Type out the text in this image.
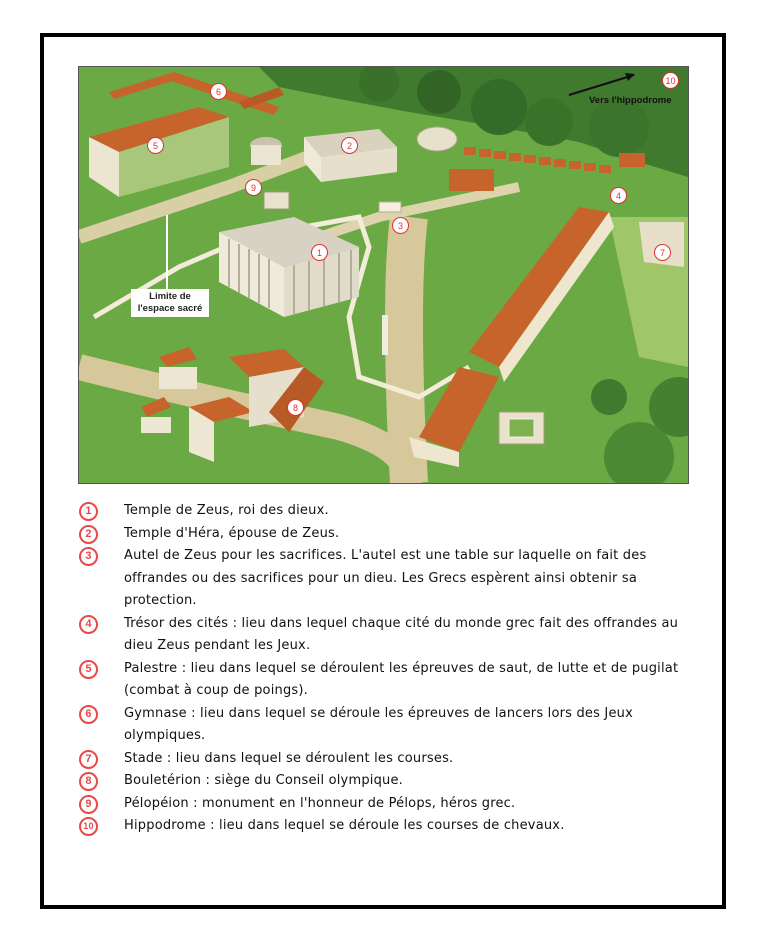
1
2
3
4
5
6
7
8
9
10
Limite de
l'espace sacré
Vers l'hippodrome
1	Temple de Zeus, roi des dieux.
2	Temple d'Héra, épouse de Zeus.
3	Autel de Zeus pour les sacrifices. L'autel est une table sur laquelle on fait des offrandes ou des sacrifices pour un dieu. Les Grecs espèrent ainsi obtenir sa protection.
4	Trésor des cités : lieu dans lequel chaque cité du monde grec fait des offrandes au dieu Zeus pendant les Jeux.
5	Palestre : lieu dans lequel se déroulent les épreuves de saut, de lutte et de pugilat (combat à coup de poings).
6	Gymnase : lieu dans lequel se déroule les épreuves de lancers lors des Jeux olympiques.
7	Stade : lieu dans lequel se déroulent les courses.
8	Bouletérion : siège du Conseil olympique.
9	Pélopéion : monument en l'honneur de Pélops, héros grec.
10	Hippodrome : lieu dans lequel se déroule les courses de chevaux.
